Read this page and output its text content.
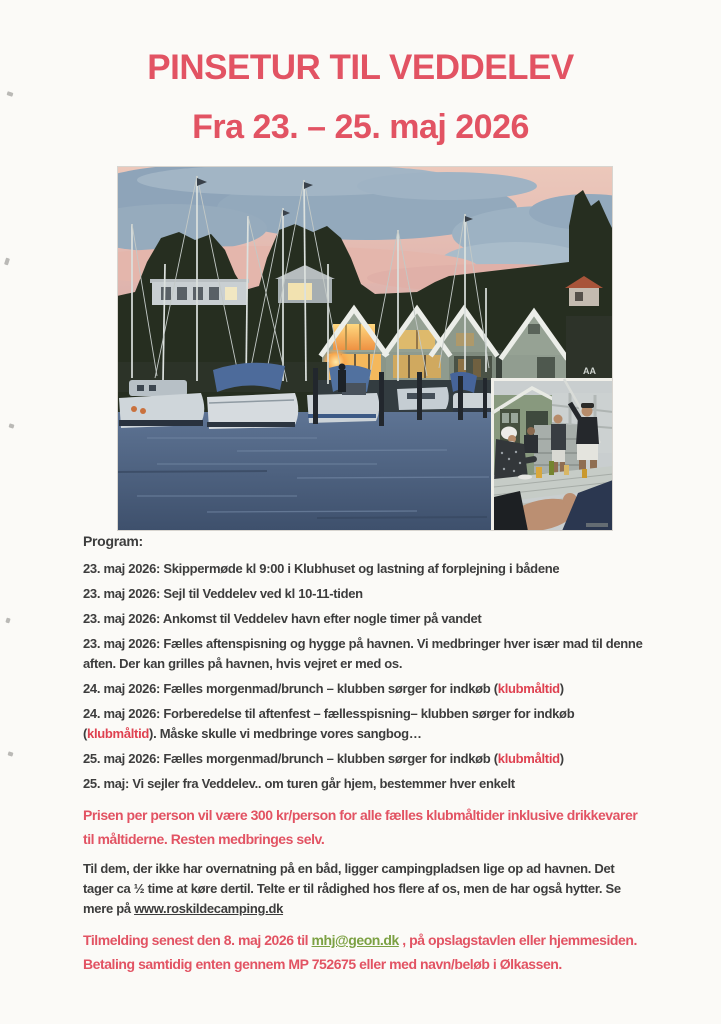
PINSETUR TIL VEDDELEV
Fra 23. – 25. maj 2026
AA

Program:

23. maj 2026: Skippermøde kl 9:00 i Klubhuset og lastning af forplejning i bådene

23. maj 2026: Sejl til Veddelev ved kl 10-11-tiden

23. maj 2026: Ankomst til Veddelev havn efter nogle timer på vandet

23. maj 2026: Fælles aftenspisning og hygge på havnen. Vi medbringer hver især mad til denne aften. Der kan grilles på havnen, hvis vejret er med os.

24. maj 2026: Fælles morgenmad/brunch – klubben sørger for indkøb (klubmåltid)

24. maj 2026: Forberedelse til aftenfest – fællesspisning– klubben sørger for indkøb (klubmåltid). Måske skulle vi medbringe vores sangbog…

25. maj 2026: Fælles morgenmad/brunch – klubben sørger for indkøb (klubmåltid)

25. maj: Vi sejler fra Veddelev.. om turen går hjem, bestemmer hver enkelt

Prisen per person vil være 300 kr/person for alle fælles klubmåltider inklusive drikkevarer til måltiderne. Resten medbringes selv.

Til dem, der ikke har overnatning på en båd, ligger campingpladsen lige op ad havnen. Det tager ca ½ time at køre dertil. Telte er til rådighed hos flere af os, men de har også hytter. Se mere på www.roskildecamping.dk

Tilmelding senest den 8. maj 2026 til mhj@geon.dk , på opslagstavlen eller hjemmesiden. Betaling samtidig enten gennem MP 752675 eller med navn/beløb i Ølkassen.
